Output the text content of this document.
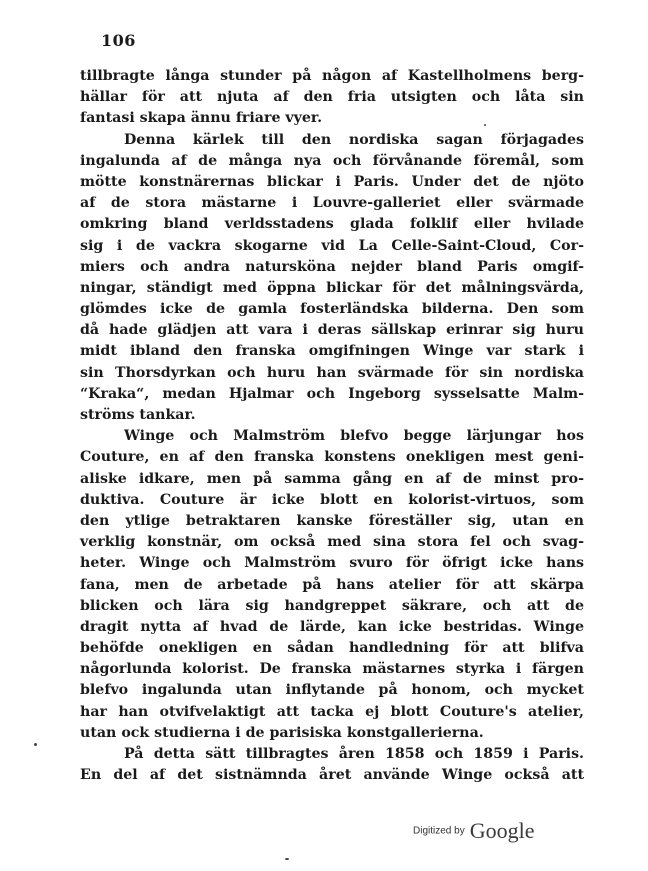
106
tillbragte långa stunder på någon af Kastellholmens berg-
hällar för att njuta af den fria utsigten och låta sin
fantasi skapa ännu friare vyer.
Denna kärlek till den nordiska sagan förjagades
ingalunda af de många nya och förvånande föremål, som
mötte konstnärernas blickar i Paris. Under det de njöto
af de stora mästarne i Louvre-galleriet eller svärmade
omkring bland verldsstadens glada folklif eller hvilade
sig i de vackra skogarne vid La Celle-Saint-Cloud, Cor-
miers och andra natursköna nejder bland Paris omgif-
ningar, ständigt med öppna blickar för det målningsvärda,
glömdes icke de gamla fosterländska bilderna. Den som
då hade glädjen att vara i deras sällskap erinrar sig huru
midt ibland den franska omgifningen Winge var stark i
sin Thorsdyrkan och huru han svärmade för sin nordiska
“Kraka“, medan Hjalmar och Ingeborg sysselsatte Malm-
ströms tankar.
Winge och Malmström blefvo begge lärjungar hos
Couture, en af den franska konstens onekligen mest geni-
aliske idkare, men på samma gång en af de minst pro-
duktiva. Couture är icke blott en kolorist-virtuos, som
den ytlige betraktaren kanske föreställer sig, utan en
verklig konstnär, om också med sina stora fel och svag-
heter. Winge och Malmström svuro för öfrigt icke hans
fana, men de arbetade på hans atelier för att skärpa
blicken och lära sig handgreppet säkrare, och att de
dragit nytta af hvad de lärde, kan icke bestridas. Winge
behöfde onekligen en sådan handledning för att blifva
någorlunda kolorist. De franska mästarnes styrka i färgen
blefvo ingalunda utan inflytande på honom, och mycket
har han otvifvelaktigt att tacka ej blott Couture's atelier,
utan ock studierna i de parisiska konstgallerierna.
På detta sätt tillbragtes åren 1858 och 1859 i Paris.
En del af det sistnämnda året använde Winge också att
Digitized by Google
